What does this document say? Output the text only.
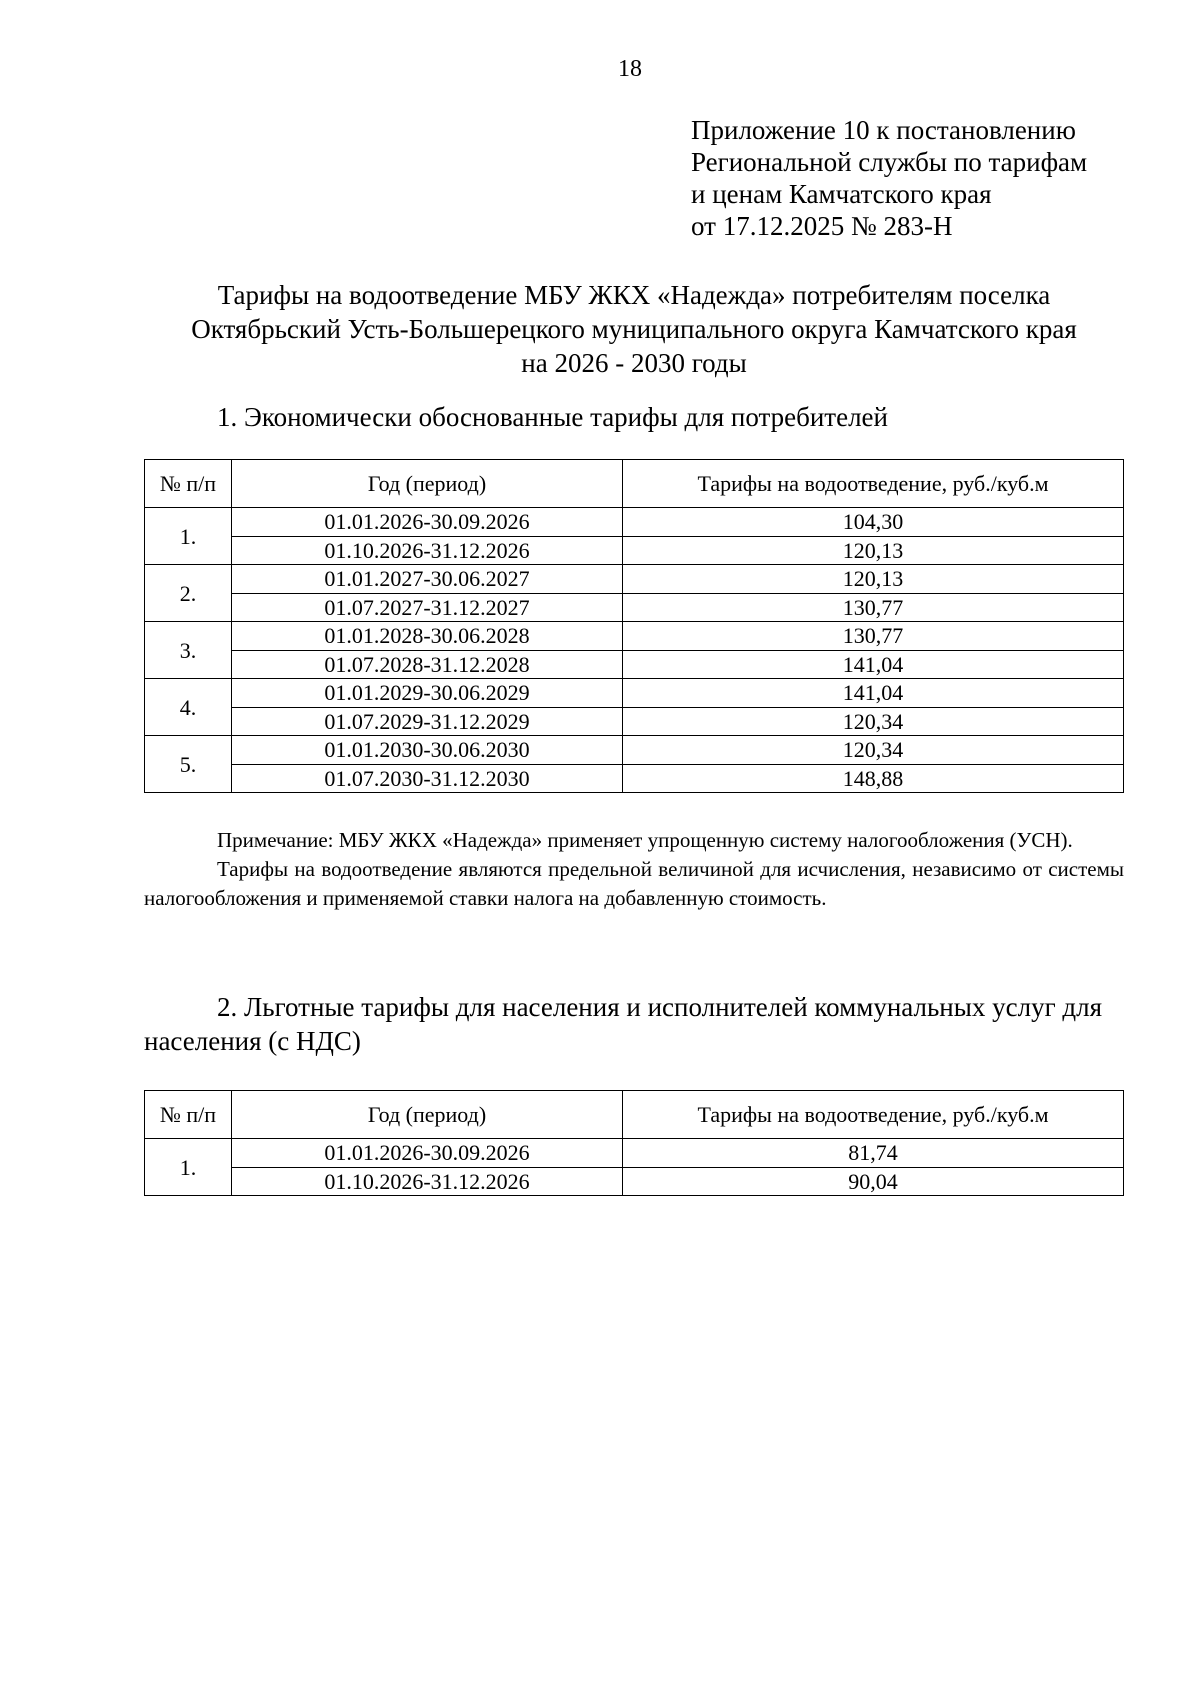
18
Приложение 10 к постановлению
Региональной службы по тарифам
и ценам Камчатского края
от 17.12.2025 № 283-Н
Тарифы на водоотведение МБУ ЖКХ «Надежда» потребителям поселка
Октябрьский Усть-Большерецкого муниципального округа Камчатского края
на 2026 - 2030 годы
1. Экономически обоснованные тарифы для потребителей
№ п/п	Год (период)	Тарифы на водоотведение, руб./куб.м
1.	01.01.2026-30.09.2026	104,30
	01.10.2026-31.12.2026	120,13
2.	01.01.2027-30.06.2027	120,13
	01.07.2027-31.12.2027	130,77
3.	01.01.2028-30.06.2028	130,77
	01.07.2028-31.12.2028	141,04
4.	01.01.2029-30.06.2029	141,04
	01.07.2029-31.12.2029	120,34
5.	01.01.2030-30.06.2030	120,34
	01.07.2030-31.12.2030	148,88

Примечание: МБУ ЖКХ «Надежда» применяет упрощенную систему налогообложения (УСН).

Тарифы на водоотведение являются предельной величиной для исчисления, независимо от системы налогообложения и применяемой ставки налога на добавленную стоимость.

2. Льготные тарифы для населения и исполнителей коммунальных услуг для населения (с НДС)
№ п/п	Год (период)	Тарифы на водоотведение, руб./куб.м
1.	01.01.2026-30.09.2026	81,74
	01.10.2026-31.12.2026	90,04
